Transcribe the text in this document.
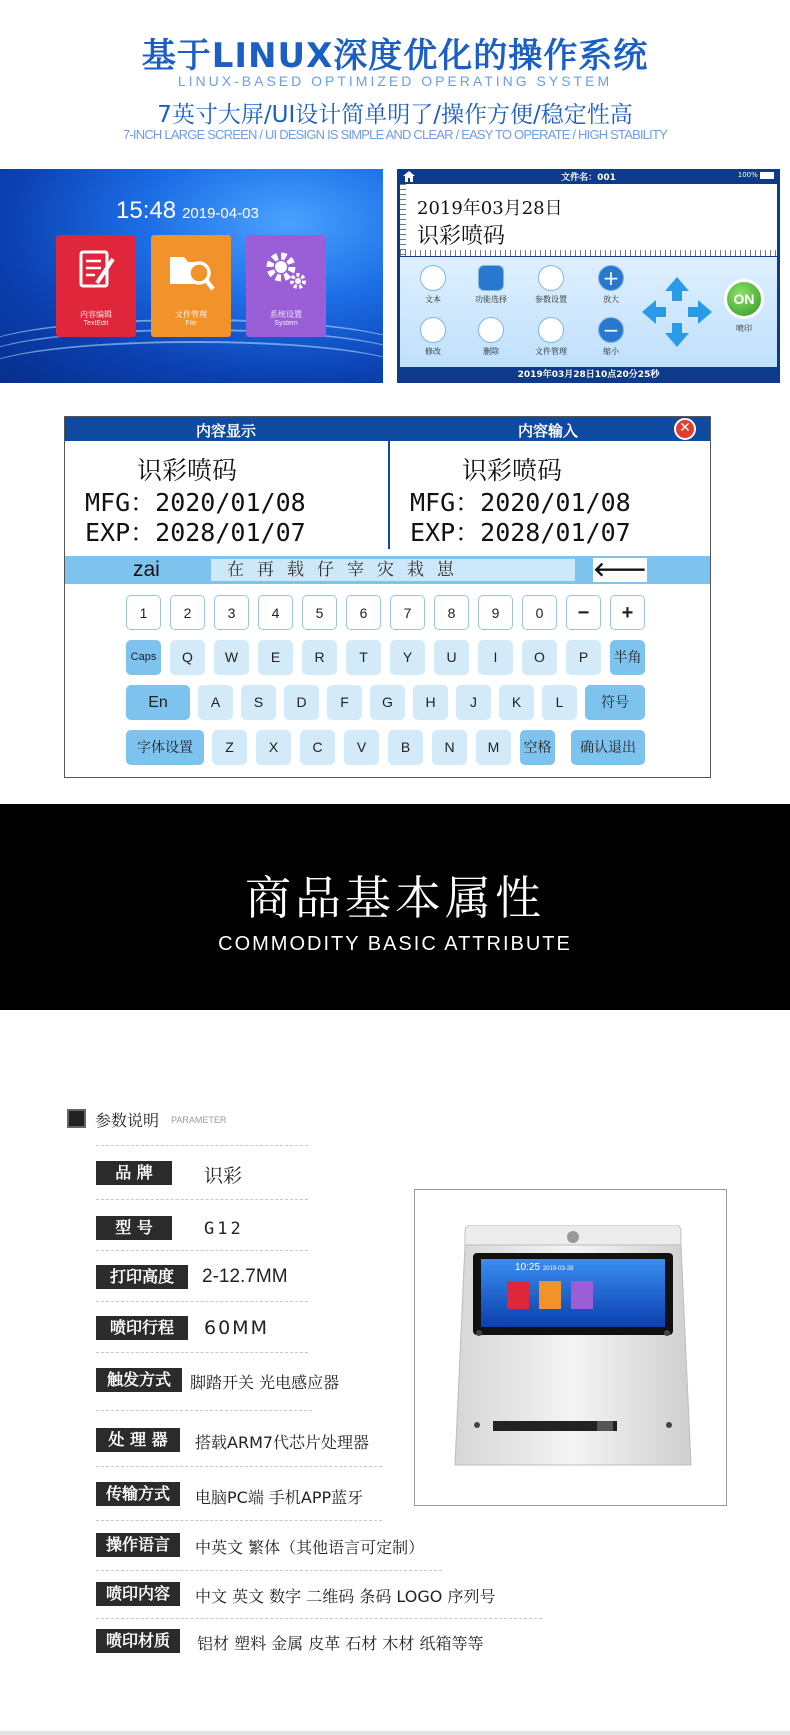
基于LINUX深度优化的操作系统
LINUX-BASED OPTIMIZED OPERATING SYSTEM
7英寸大屏/UI设计简单明了/操作方便/稳定性高
7-INCH LARGE SCREEN / UI DESIGN IS SIMPLE AND CLEAR / EASY TO OPERATE / HIGH STABILITY
15:48 2019-04-03
内容编辑
TextEdit
文件管理
File
系统设置
System
文件名：001	100%
2019年03月28日
识彩喷码
文本	功能选择	参数设置
+
放大
修改	删除	文件管理
−
缩小
ON
喷印
2019年03月28日10点20分25秒
内容显示	内容输入	✕
识彩喷码
MFG：2020/01/08
EXP：2028/01/07
识彩喷码
MFG：2020/01/08
EXP：2028/01/07
zai	在再载仔宰灾栽崽	🡐
1	2	3	4	5	6	7	8	9	0	−	+
Caps	Q	W	E	R	T	Y	U	I	O	P	半角
En	A	S	D	F	G	H	J	K	L	符号
字体设置	Z	X	C	V	B	N	M	空格	确认退出
商品基本属性
COMMODITY BASIC ATTRIBUTE
参数说明 PARAMETER
品 牌	识彩
型 号	G12
打印高度	2-12.7MM
喷印行程	60MM
触发方式	脚踏开关 光电感应器
处 理 器	搭载ARM7代芯片处理器
传输方式	电脑PC端 手机APP蓝牙
操作语言	中英文 繁体（其他语言可定制）
喷印内容	中文 英文 数字 二维码 条码 LOGO 序列号
喷印材质	铝材 塑料 金属 皮革 石材 木材 纸箱等等
10:25 2019-03-28
